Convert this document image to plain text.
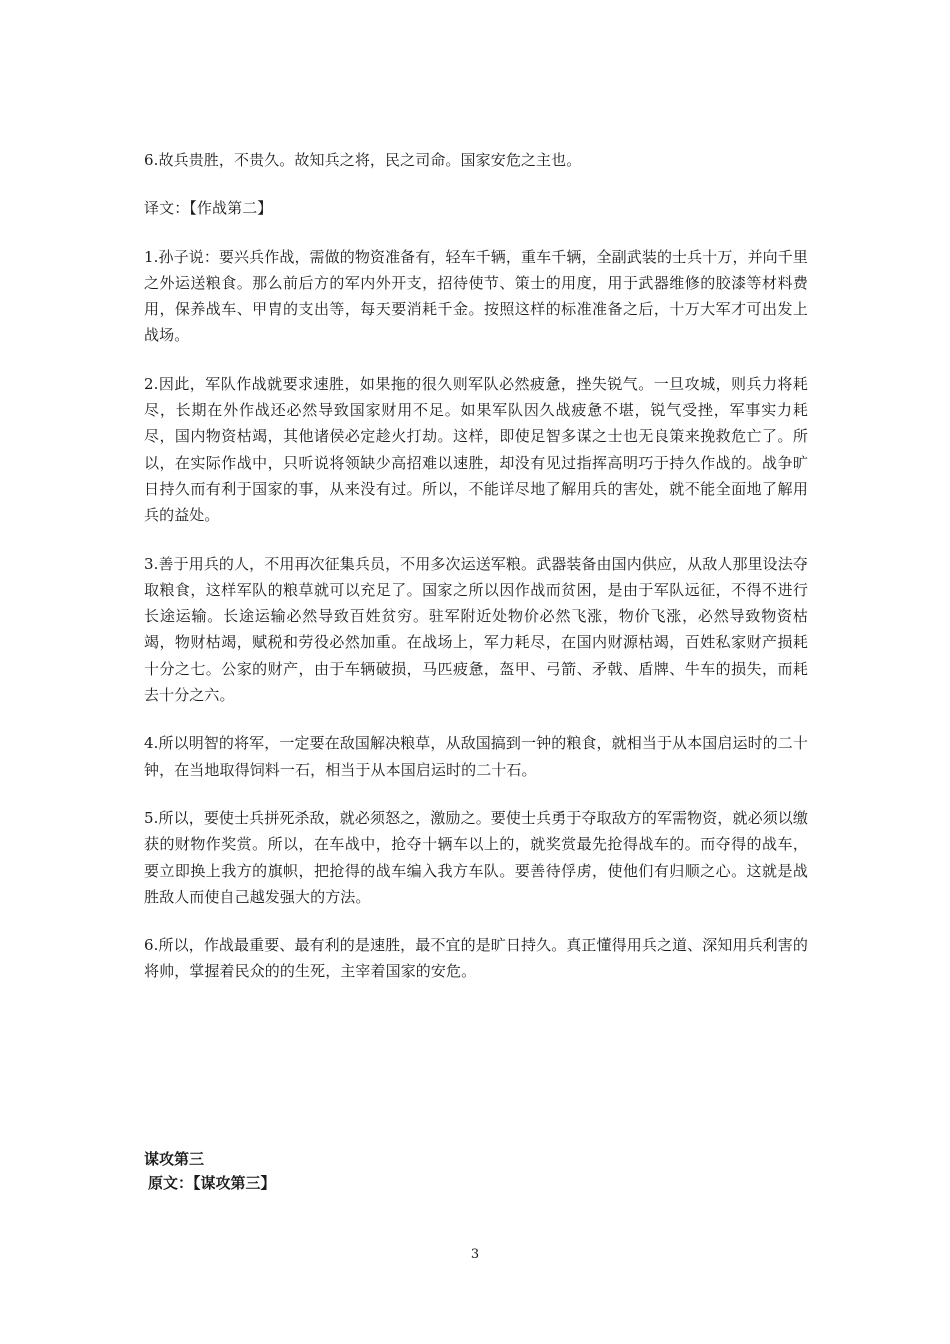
6.故兵贵胜，不贵久。故知兵之将，民之司命。国家安危之主也。

译文：【作战第二】

1.孙子说：要兴兵作战，需做的物资准备有，轻车千辆，重车千辆，全副武装的士兵十万，并向千里之外运送粮食。那么前后方的军内外开支，招待使节、策士的用度，用于武器维修的胶漆等材料费用，保养战车、甲胄的支出等，每天要消耗千金。按照这样的标准准备之后，十万大军才可出发上战场。

2.因此，军队作战就要求速胜，如果拖的很久则军队必然疲惫，挫失锐气。一旦攻城，则兵力将耗尽，长期在外作战还必然导致国家财用不足。如果军队因久战疲惫不堪，锐气受挫，军事实力耗尽，国内物资枯竭，其他诸侯必定趁火打劫。这样，即使足智多谋之士也无良策来挽救危亡了。所以，在实际作战中，只听说将领缺少高招难以速胜，却没有见过指挥高明巧于持久作战的。战争旷日持久而有利于国家的事，从来没有过。所以，不能详尽地了解用兵的害处，就不能全面地了解用兵的益处。

3.善于用兵的人，不用再次征集兵员，不用多次运送军粮。武器装备由国内供应，从敌人那里设法夺取粮食，这样军队的粮草就可以充足了。国家之所以因作战而贫困，是由于军队远征，不得不进行长途运输。长途运输必然导致百姓贫穷。驻军附近处物价必然飞涨，物价飞涨，必然导致物资枯竭，物财枯竭，赋税和劳役必然加重。在战场上，军力耗尽，在国内财源枯竭，百姓私家财产损耗十分之七。公家的财产，由于车辆破损，马匹疲惫，盔甲、弓箭、矛戟、盾牌、牛车的损失，而耗去十分之六。

4.所以明智的将军，一定要在敌国解决粮草，从敌国搞到一钟的粮食，就相当于从本国启运时的二十钟，在当地取得饲料一石，相当于从本国启运时的二十石。

5.所以，要使士兵拼死杀敌，就必须怒之，激励之。要使士兵勇于夺取敌方的军需物资，就必须以缴获的财物作奖赏。所以，在车战中，抢夺十辆车以上的，就奖赏最先抢得战车的。而夺得的战车，要立即换上我方的旗帜，把抢得的战车编入我方车队。要善待俘虏，使他们有归顺之心。这就是战胜敌人而使自己越发强大的方法。

6.所以，作战最重要、最有利的是速胜，最不宜的是旷日持久。真正懂得用兵之道、深知用兵利害的将帅，掌握着民众的的生死，主宰着国家的安危。

谋攻第三

原文：【谋攻第三】

3
